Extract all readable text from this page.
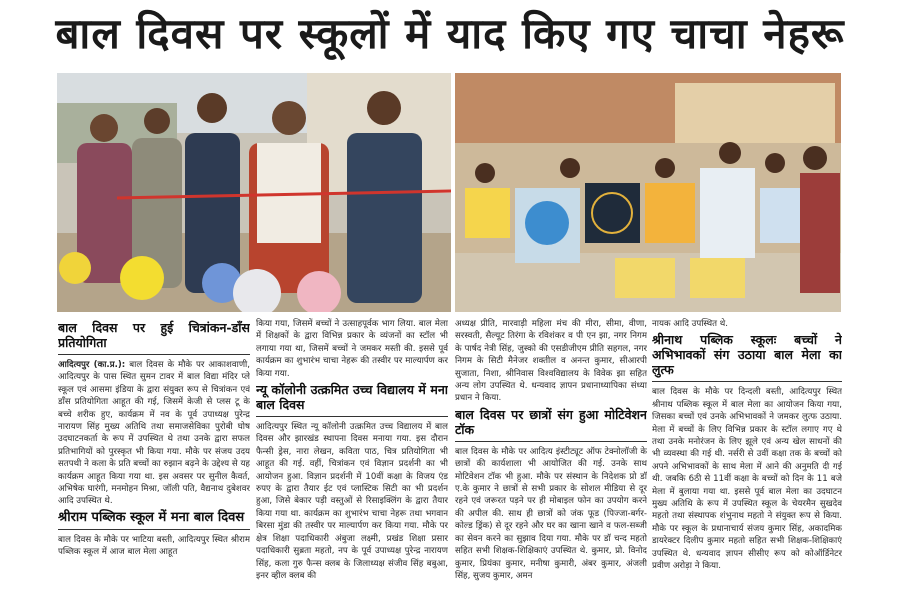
बाल दिवस पर स्कूलों में याद किए गए चाचा नेहरू
बाल दिवस पर हुई चित्रांकन-डाँस प्रतियोगिता

आदित्यपुर (का.प्र.): बाल दिवस के मौके पर आकाशवाणी, आदित्यपुर के पास स्थित सुमन टावर में बाल विद्या मंदिर प्ले स्कूल एवं आसमा इंडिया के द्वारा संयुक्त रूप से चित्रांकन एवं डाँस प्रतियोगिता आहूत की गई, जिसमें केजी से प्लस टू के बच्चे शरीक हुए, कार्यक्रम में नव के पूर्व उपाध्यक्ष पुरेन्द्र नारायण सिंह मुख्य अतिथि तथा समाजसेविका पुरोबी घोष उदघाटनकर्ता के रूप में उपस्थित थे तथा उनके द्वारा सफल प्रतिभागियों को पुरस्कृत भी किया गया. मौके पर संजय उदय सतपथी ने कला के प्रति बच्चों का रुझान बढ़ने के उद्देश्य से यह कार्यक्रम आहूत किया गया था. इस अवसर पर सुनील कैवर्त, अभिषेक घारंगी, मनमोहन मिश्रा, जॉली पति, वैद्यनाथ दुबेशवर आदि उपस्थित थे.

श्रीराम पब्लिक स्कूल में मना बाल दिवस

बाल दिवस के मौके पर भाटिया बस्ती, आदित्यपुर स्थित श्रीराम पब्लिक स्कूल में आज बाल मेला आहूत

किया गया, जिसमें बच्चों ने उत्साहपूर्वक भाग लिया. बाल मेला में शिक्षकों के द्वारा विभिन्न प्रकार के व्यंजनों का स्टॉल भी लगाया गया था, जिसमें बच्चों ने जमकर मस्ती की. इससे पूर्व कार्यक्रम का शुभारंभ चाचा नेहरू की तस्वीर पर माल्यार्पण कर किया गया.

न्यू कॉलोनी उत्क्रमित उच्च विद्यालय में मना बाल दिवस

आदित्यपुर स्थित न्यू कॉलोनी उत्क्रमित उच्च विद्यालय में बाल दिवस और झारखंड स्थापना दिवस मनाया गया. इस दौरान फैन्सी ड्रेस, नारा लेखन, कविता पाठ, चित्र प्रतियोगिता भी आहूत की गई. वहीं, चित्रांकन एवं विज्ञान प्रदर्शनी का भी आयोजन हुआ. विज्ञान प्रदर्शनी में 10वीं कक्षा के विजय एंड रुपए के द्वारा तैयार ईट एवं प्लास्टिक सिटी का भी प्रदर्शन हुआ, जिसे बेकार पड़ी वस्तुओं से रिसाइक्लिंग के द्वारा तैयार किया गया था. कार्यक्रम का शुभारंभ चाचा नेहरू तथा भगवान बिरसा मुंडा की तस्वीर पर माल्यार्पण कर किया गया. मौके पर क्षेत्र शिक्षा पदाधिकारी अंबुजा लक्ष्मी, प्रखंड शिक्षा प्रसार पदाधिकारी सुब्रता महतो, नप के पूर्व उपाध्यक्ष पुरेन्द्र नारायण सिंह, कला गुरु फैन्स क्लब के जिलाध्यक्ष संजीव सिंह बबुआ, इनर व्हील क्लब की

अध्यक्ष प्रीति, मारवाड़ी महिला मंच की मीरा, सीमा, वीणा, सरस्वती, सैल्यूट तिरंगा के रविशंकर व पी एन झा, नगर निगम के पार्षद नेत्री सिंह, जुस्को की एसडीजीएम प्रीति सहगल, नगर निगम के सिटी मैनेजर शक्तील व अनन्त कुमार, सीआरपी सुजाता, निशा, श्रीनिवास विश्वविद्यालय के विवेक झा सहित अन्य लोग उपस्थित थे. धन्यवाद ज्ञापन प्रधानाध्यापिका संध्या प्रधान ने किया.

बाल दिवस पर छात्रों संग हुआ मोटिवेशन टॉक

बाल दिवस के मौके पर आदित्य इंस्टीट्यूट ऑफ टेक्नोलॉजी के छात्रों की कार्यशाला भी आयोजित की गई. उनके साथ मोटिवेशन टॉक भी हुआ. मौके पर संस्थान के निदेशक प्रो डॉ ए.के कुमार ने छात्रों से सभी प्रकार के सोशल मीडिया से दूर रहने एवं जरूरत पड़ने पर ही मोबाइल फोन का उपयोग करने की अपील की. साथ ही छात्रों को जंक फूड (पिज्जा-बर्गर-कोल्ड ड्रिंक) से दूर रहने और घर का खाना खाने व फल-सब्जी का सेवन करने का सुझाव दिया गया. मौके पर डॉ चन्द महतो सहित सभी शिक्षक-शिक्षिकाएं उपस्थित थे. कुमार, प्रो. विनोद कुमार, प्रियंका कुमार, मनीषा कुमारी, अंबर कुमार, अंजली सिंह, सुजय कुमार, अमन

नायक आदि उपस्थित थे.

श्रीनाथ पब्लिक स्कूलः बच्चों ने अभिभावकों संग उठाया बाल मेला का लुत्फ

बाल दिवस के मौके पर दिन्दली बस्ती, आदित्यपुर स्थित श्रीनाथ पब्लिक स्कूल में बाल मेला का आयोजन किया गया, जिसका बच्चों एवं उनके अभिभावकों ने जमकर लुत्फ उठाया. मेला में बच्चों के लिए विभिन्न प्रकार के स्टॉल लगाए गए थे तथा उनके मनोरंजन के लिए झूले एवं अन्य खेल साधनों की भी व्यवस्था की गई थी. नर्सरी से उवीं कक्षा तक के बच्चों को अपने अभिभावकों के साथ मेला में आने की अनुमति दी गई थी. जबकि 6ठी से 11वीं कक्षा के बच्चों को दिन के 11 बजे मेला में बुलाया गया था. इससे पूर्व बाल मेला का उदघाटन मुख्य अतिथि के रूप में उपस्थित स्कूल के चेयरमैन सुखदेव महतो तथा संस्थापक शंभुनाथ महतो ने संयुक्त रूप से किया. मौके पर स्कूल के प्रधानाचार्य संजय कुमार सिंह, अकादमिक डायरेक्टर दिलीप कुमार महतो सहित सभी शिक्षक-शिक्षिकाएं उपस्थित थे. धन्यवाद ज्ञापन सीसीए रूप को कोऑर्डिनेटर प्रवीण अरोड़ा ने किया.
